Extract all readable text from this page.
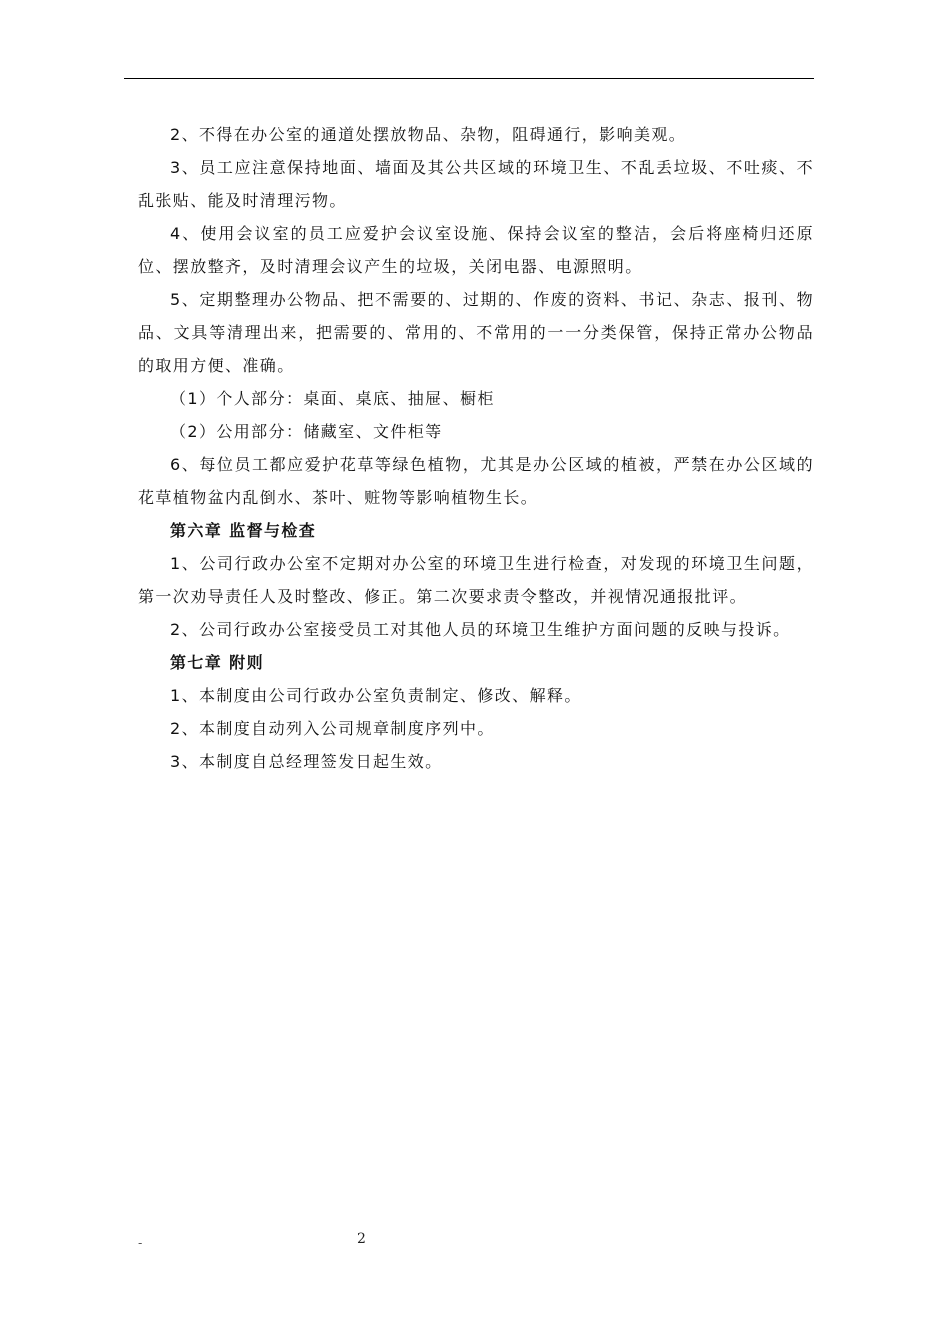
2、不得在办公室的通道处摆放物品、杂物，阻碍通行，影响美观。

3、员工应注意保持地面、墙面及其公共区域的环境卫生、不乱丢垃圾、不吐痰、不乱张贴、能及时清理污物。

4、使用会议室的员工应爱护会议室设施、保持会议室的整洁，会后将座椅归还原位、摆放整齐，及时清理会议产生的垃圾，关闭电器、电源照明。

5、定期整理办公物品、把不需要的、过期的、作废的资料、书记、杂志、报刊、物品、文具等清理出来，把需要的、常用的、不常用的一一分类保管，保持正常办公物品的取用方便、准确。

（1）个人部分：桌面、桌底、抽屉、橱柜

（2）公用部分：储藏室、文件柜等

6、每位员工都应爱护花草等绿色植物，尤其是办公区域的植被，严禁在办公区域的花草植物盆内乱倒水、茶叶、赃物等影响植物生长。

第六章 监督与检查

1、公司行政办公室不定期对办公室的环境卫生进行检查，对发现的环境卫生问题，第一次劝导责任人及时整改、修正。第二次要求责令整改，并视情况通报批评。

2、公司行政办公室接受员工对其他人员的环境卫生维护方面问题的反映与投诉。

第七章 附则

1、本制度由公司行政办公室负责制定、修改、解释。

2、本制度自动列入公司规章制度序列中。

3、本制度自总经理签发日起生效。

-	2
